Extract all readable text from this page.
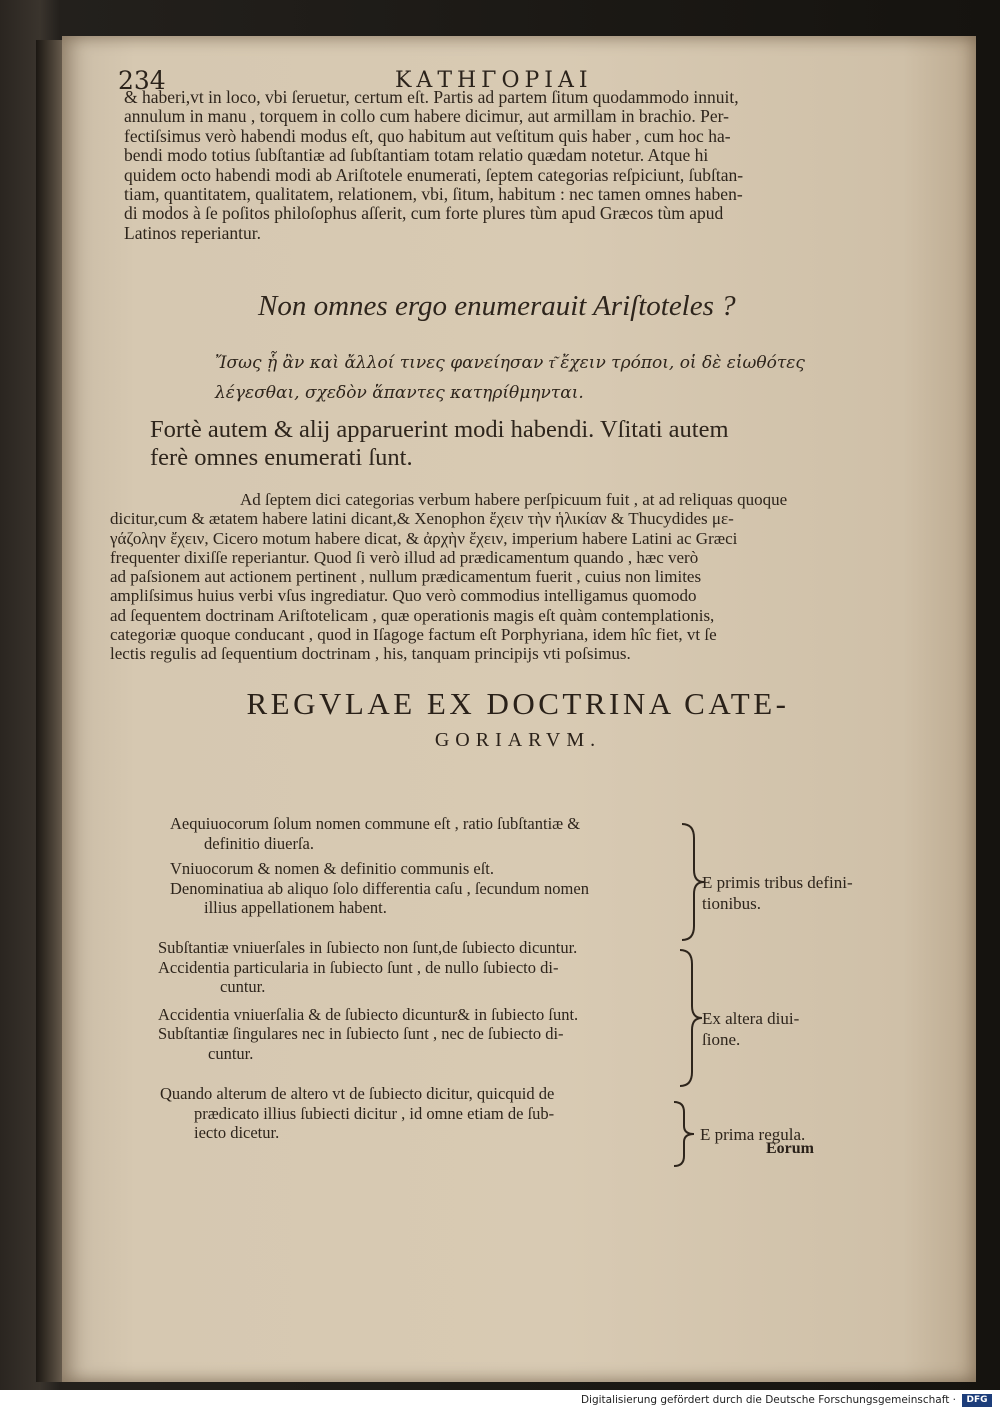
234	ΚΑΤΗΓΟΡΙΑΙ
& haberi,vt in loco, vbi ſeruetur, certum eſt. Partis ad partem ſitum quodammodo innuit,
annulum in manu , torquem in collo cum habere dicimur, aut armillam in brachio. Per-
fectiſsimus verò habendi modus eſt, quo habitum aut veſtitum quis haber , cum hoc ha-
bendi modo totius ſubſtantiæ ad ſubſtantiam totam relatio quædam notetur. Atque hi
quidem octo habendi modi ab Ariſtotele enumerati, ſeptem categorias reſpiciunt, ſubſtan-
tiam, quantitatem, qualitatem, relationem, vbi, ſitum, habitum : nec tamen omnes haben-
di modos à ſe poſitos philoſophus aſſerit, cum forte plures tùm apud Græcos tùm apud
Latinos reperiantur.
Non omnes ergo enumerauit Ariſtoteles ?
Ἴσως ᾗ ἂν καὶ ἄλλοί τινες φανείησαν τ͂ ἔχειν τρόποι, οἱ δὲ εἰωθότες
λέγεσθαι, σχεδὸν ἅπαντες κατηρίθμηνται.
Fortè autem & alij apparuerint modi habendi. Vſitati autem
ferè omnes enumerati ſunt.
Ad ſeptem dici categorias verbum habere perſpicuum fuit , at ad reliquas quoque
dicitur,cum & ætatem habere latini dicant,& Xenophon ἔχειν τὴν ἡλικίαν & Thucydides με-
γάζολην ἔχειν, Cicero motum habere dicat, & ἀρχὴν ἔχειν, imperium habere Latini ac Græci
frequenter dixiſſe reperiantur. Quod ſi verò illud ad prædicamentum quando , hæc verò
ad paſsionem aut actionem pertinent , nullum prædicamentum fuerit , cuius non limites
ampliſsimus huius verbi vſus ingrediatur. Quo verò commodius intelligamus quomodo
ad ſequentem doctrinam Ariſtotelicam , quæ operationis magis eſt quàm contemplationis,
categoriæ quoque conducant , quod in Iſagoge factum eſt Porphyriana, idem hîc fiet, vt ſe
lectis regulis ad ſequentium doctrinam , his, tanquam principijs vti poſsimus.
REGVLAE EX DOCTRINA CATE-
GORIARVM.
Aequiuocorum ſolum nomen commune eſt , ratio ſubſtantiæ &
definitio diuerſa.
Vniuocorum & nomen & definitio communis eſt.
Denominatiua ab aliquo ſolo differentia caſu , ſecundum nomen
illius appellationem habent.
E primis tribus defini-
tionibus.
Subſtantiæ vniuerſales in ſubiecto non ſunt,de ſubiecto dicuntur.
Accidentia particularia in ſubiecto ſunt , de nullo ſubiecto di-
cuntur.
Accidentia vniuerſalia & de ſubiecto dicuntur& in ſubiecto ſunt.
Subſtantiæ ſingulares nec in ſubiecto ſunt , nec de ſubiecto di-
cuntur.
Ex altera diui-
ſione.
Quando alterum de altero vt de ſubiecto dicitur, quicquid de
prædicato illius ſubiecti dicitur , id omne etiam de ſub-
iecto dicetur.	E prima regula.
Eorum
Digitalisierung gefördert durch die Deutsche Forschungsgemeinschaft ·	DFG
